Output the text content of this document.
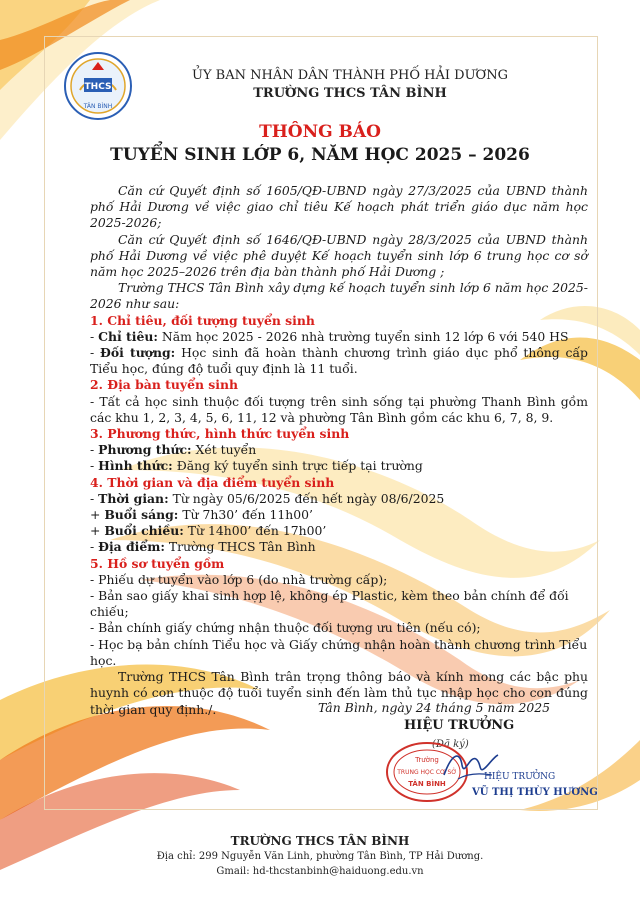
THCS
TÂN BÌNH
ỦY BAN NHÂN DÂN THÀNH PHỐ HẢI DƯƠNG
TRƯỜNG THCS TÂN BÌNH
THÔNG BÁO
TUYỂN SINH LỚP 6, NĂM HỌC 2025 – 2026

Căn cứ Quyết định số 1605/QĐ-UBND ngày 27/3/2025 của UBND thành phố Hải Dương về việc giao chỉ tiêu Kế hoạch phát triển giáo dục năm học 2025-2026;

Căn cứ Quyết định số 1646/QĐ-UBND ngày 28/3/2025 của UBND thành phố Hải Dương về việc phê duyệt Kế hoạch tuyển sinh lớp 6 trung học cơ sở năm học 2025–2026 trên địa bàn thành phố Hải Dương ;

Trường THCS Tân Bình xây dựng kế hoạch tuyển sinh lớp 6 năm học 2025-2026 như sau:

1. Chỉ tiêu, đối tượng tuyển sinh

- Chỉ tiêu: Năm học 2025 - 2026 nhà trường tuyển sinh 12 lớp 6 với 540 HS

- Đối tượng: Học sinh đã hoàn thành chương trình giáo dục phổ thông cấp Tiểu học, đúng độ tuổi quy định là 11 tuổi.

2. Địa bàn tuyển sinh

- Tất cả học sinh thuộc đối tượng trên sinh sống tại phường Thanh Bình gồm các khu 1, 2, 3, 4, 5, 6, 11, 12 và phường Tân Bình gồm các khu 6, 7, 8, 9.

3. Phương thức, hình thức tuyển sinh

- Phương thức: Xét tuyển

- Hình thức: Đăng ký tuyển sinh trực tiếp tại trường

4. Thời gian và địa điểm tuyển sinh

- Thời gian: Từ ngày 05/6/2025 đến hết ngày 08/6/2025

+ Buổi sáng: Từ 7h30’ đến 11h00’

+ Buổi chiều: Từ 14h00’ đến 17h00’

- Địa điểm: Trường THCS Tân Bình

5. Hồ sơ tuyển gồm

- Phiếu dự tuyển vào lớp 6 (do nhà trường cấp);

- Bản sao giấy khai sinh hợp lệ, không ép Plastic, kèm theo bản chính để đối chiếu;

- Bản chính giấy chứng nhận thuộc đối tượng ưu tiên (nếu có);

- Học bạ bản chính Tiểu học và Giấy chứng nhận hoàn thành chương trình Tiểu học.

Trường THCS Tân Bình trân trọng thông báo và kính mong các bậc phụ huynh có con thuộc độ tuổi tuyển sinh đến làm thủ tục nhập học cho con đúng thời gian quy định./.	Tân Bình, ngày 24 tháng 5 năm 2025
HIỆU TRƯỞNG
(Đã ký)
Trường
TRUNG HỌC CƠ SỞ
TÂN BÌNH
HIỆU TRƯỞNG
VŨ THỊ THÙY HƯƠNG
TRƯỜNG THCS TÂN BÌNH
Địa chỉ: 299 Nguyễn Văn Linh, phường Tân Bình, TP Hải Dương.
Gmail: hd-thcstanbinh@haiduong.edu.vn
